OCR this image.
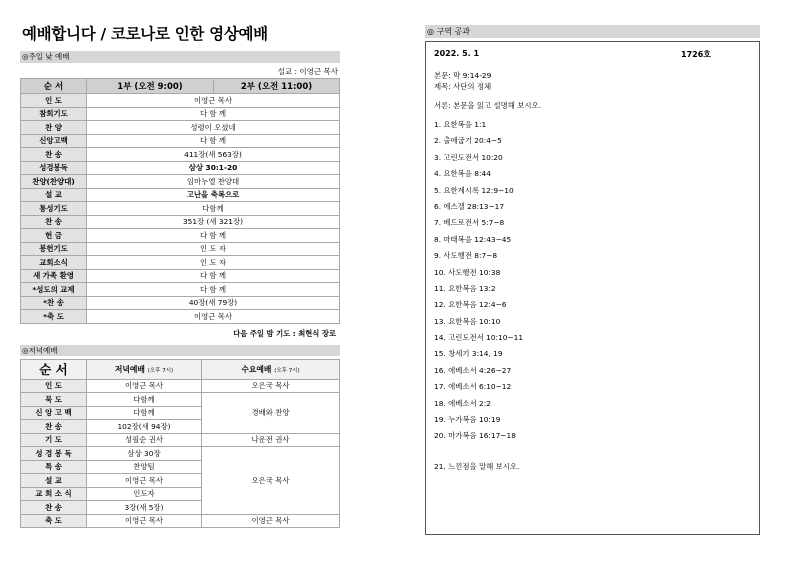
예배합니다 / 코로나로 인한 영상예배
◎주일 낮 예배
설교 : 이영근 목사
순 서	1부 (오전 9:00)	2부 (오전 11:00)
인 도	이영근 목사	
참회기도	다 함 께	
찬 양	성령이 오셨네	
신앙고백	다 함 께	
찬 송	411장(새 563장)	
성경봉독	삼상 30:1-20	
찬양(찬양대)	임마누엘 찬양대	
설 교	고난을 축복으로	
통성기도	다함께	
찬 송	351장 (새 321장)	
헌 금	다 함 께	
봉헌기도	인 도 자	
교회소식	인 도 자	
새 가족 환영	다 함 께	
*성도의 교제	다 함 께	
*찬 송	40장(새 79장)	
*축 도	이영근 목사	
다음 주일 밤 기도 : 최현식 장로
◎저녁예배
순 서	저녁예배 (오후 7시)	수요예배 (오후 7시)
인 도	이영근 목사	오은국 목사
묵 도	다함께	경배와 찬양
신 앙 고 백	다함께	
찬 송	102장(새 94장)	
기 도	성필순 권사	나운전 권사
성 경 봉 독	삼상 30장	오은국 목사
특 송	찬양팀	
설 교	이영근 목사	
교 회 소 식	인도자	
찬 송	3장(새 5장)	
축 도	이영근 목사	이영근 목사
◎ 구역 공과
2022. 5. 1	1726호
본문: 막 9:14-29
제목: 사단의 정체
서론: 본문을 읽고 설명해 보시오.
1. 요한복음 1:1
2. 출애굽기 20:4~5
3. 고린도전서 10:20
4. 요한복음 8:44
5. 요한계시록 12:9~10
6. 에스겔 28:13~17
7. 베드로전서 5:7~8
8. 마태복음 12:43~45
9. 사도행전 8:7~8
10. 사도행전 10:38
11. 요한복음 13:2
12. 요한복음 12:4~6
13. 요한복음 10:10
14. 고린도전서 10:10~11
15. 창세기 3:14, 19
16. 에베소서 4:26~27
17. 에베소서 6:10~12
18. 에베소서 2:2
19. 누가복음 10:19
20. 마가복음 16:17~18
21. 느낀점을 말해 보시오.
